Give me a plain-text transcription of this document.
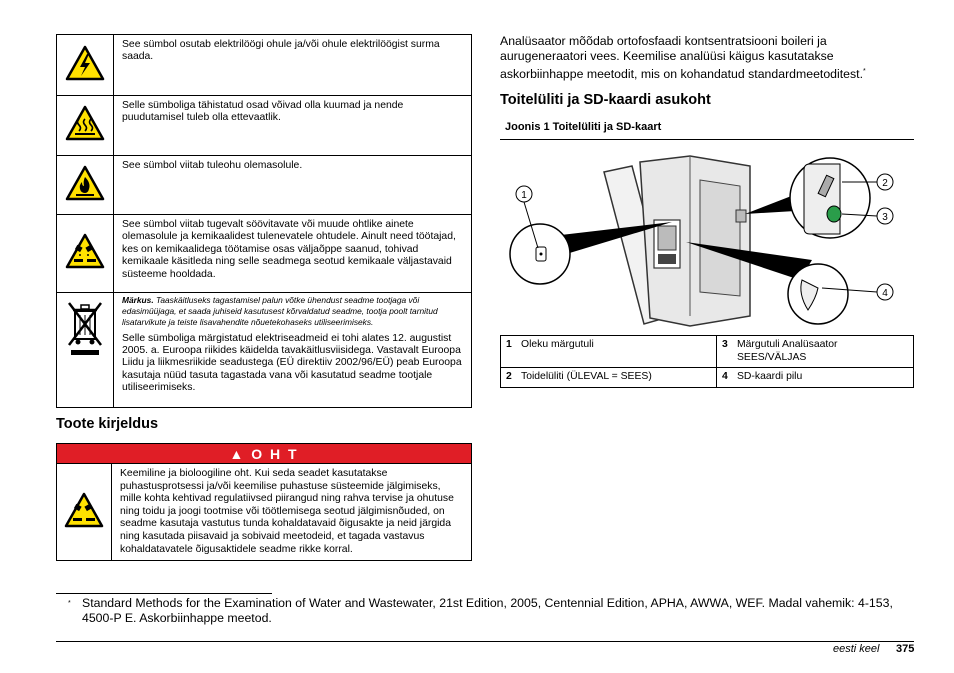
	See sümbol osutab elektrilöögi ohule ja/või ohule elektrilöögist surma saada.
	Selle sümboliga tähistatud osad võivad olla kuumad ja nende puudutamisel tuleb olla ettevaatlik.
	See sümbol viitab tuleohu olemasolule.
	See sümbol viitab tugevalt söövitavate või muude ohtlike ainete olemasolule ja kemikaalidest tulenevatele ohtudele. Ainult need töötajad, kes on kemikaalidega töötamise osas väljaõppe saanud, tohivad kemikaale käsitleda ning selle seadmega seotud kemikaale väljastavaid süsteeme hooldada.

Märkus. Taaskäitluseks tagastamisel palun võtke ühendust seadme tootjaga või edasimüüjaga, et saada juhiseid kasutusest kõrvaldatud seadme, tootja poolt tarnitud lisatarvikute ja teiste lisavahendite nõuetekohaseks utiliseerimiseks.
Selle sümboliga märgistatud elektriseadmeid ei tohi alates 12. augustist 2005. a. Euroopa riikides käidelda tavakäitlusviisidega. Vastavalt Euroopa Liidu ja liikmesriikide seadustega (EÜ direktiiv 2002/96/EÜ) peab Euroopa kasutaja nüüd tasuta tagastada vana või kasutatud seadme tootjale utiliseerimiseks.
Toote kirjeldus
▲ O H T
	Keemiline ja bioloogiline oht. Kui seda seadet kasutatakse puhastusprotsessi ja/või keemilise puhastuse süsteemide jälgimiseks, mille kohta kehtivad regulatiivsed piirangud ning rahva tervise ja ohutuse ning toidu ja joogi tootmise või töötlemisega seotud jälgimisnõuded, on seadme kasutaja vastutus tunda kohaldatavaid õigusakte ja neid järgida ning kasutada piisavaid ja sobivaid meetodeid, et tagada vastavus kohaldatavatele õigusaktidele seadme rikke korral.
Analüsaator mõõdab ortofosfaadi kontsentratsiooni boileri ja aurugeneraatori vees. Keemilise analüüsi käigus kasutatakse askorbiinhappe meetodit, mis on kohandatud standardmeetoditest.*
Toitelüliti ja SD-kaardi asukoht
Joonis 1 Toitelüliti ja SD-kaart
1
2
3
4
1	Oleku märgutuli	3	Märgutuli Analüsaator SEES/VÄLJAS
2	Toidelüliti (ÜLEVAL = SEES)	4	SD-kaardi pilu
* Standard Methods for the Examination of Water and Wastewater, 21st Edition, 2005, Centennial Edition, APHA, AWWA, WEF. Madal vahemik: 4-153, 4500-P E. Askorbiinhappe meetod.
eesti keel 375
